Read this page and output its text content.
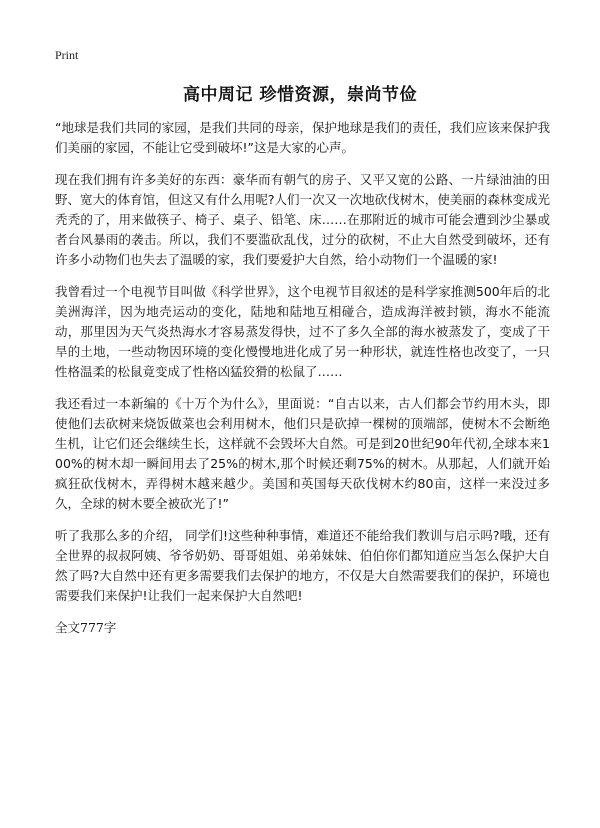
Print
高中周记 珍惜资源，崇尚节俭

“地球是我们共同的家园，是我们共同的母亲，保护地球是我们的责任，我们应该来保护我们美丽的家园，不能让它受到破坏!”这是大家的心声。

现在我们拥有许多美好的东西：豪华而有朝气的房子、又平又宽的公路、一片绿油油的田野、宽大的体育馆，但这又有什么用呢?人们一次又一次地砍伐树木，使美丽的森林变成光秃秃的了，用来做筷子、椅子、桌子、铅笔、床……在那附近的城市可能会遭到沙尘暴或者台风暴雨的袭击。所以，我们不要滥砍乱伐，过分的砍树，不止大自然受到破坏，还有许多小动物们也失去了温暖的家，我们要爱护大自然，给小动物们一个温暖的家!

我曾看过一个电视节目叫做《科学世界》，这个电视节目叙述的是科学家推测500年后的北美洲海洋，因为地壳运动的变化，陆地和陆地互相碰合，造成海洋被封锁，海水不能流动，那里因为天气炎热海水才容易蒸发得快，过不了多久全部的海水被蒸发了，变成了干旱的土地，一些动物因环境的变化慢慢地进化成了另一种形状，就连性格也改变了，一只性格温柔的松鼠竟变成了性格凶猛狡猾的松鼠了……

我还看过一本新编的《十万个为什么》，里面说：“自古以来，古人们都会节约用木头，即使他们去砍树来烧饭做菜也会利用树木，他们只是砍掉一棵树的顶端部，使树木不会断绝生机，让它们还会继续生长，这样就不会毁坏大自然。可是到20世纪90年代初,全球本来100%的树木却一瞬间用去了25%的树木,那个时候还剩75%的树木。从那起，人们就开始疯狂砍伐树木，弄得树木越来越少。美国和英国每天砍伐树木约80亩，这样一来没过多久，全球的树木要全被砍光了!”

听了我那么多的介绍， 同学们!这些种种事情，难道还不能给我们教训与启示吗?哦，还有全世界的叔叔阿姨、爷爷奶奶、哥哥姐姐、弟弟妹妹、伯伯你们都知道应当怎么保护大自然了吗?大自然中还有更多需要我们去保护的地方，不仅是大自然需要我们的保护，环境也需要我们来保护!让我们一起来保护大自然吧!

全文777字
